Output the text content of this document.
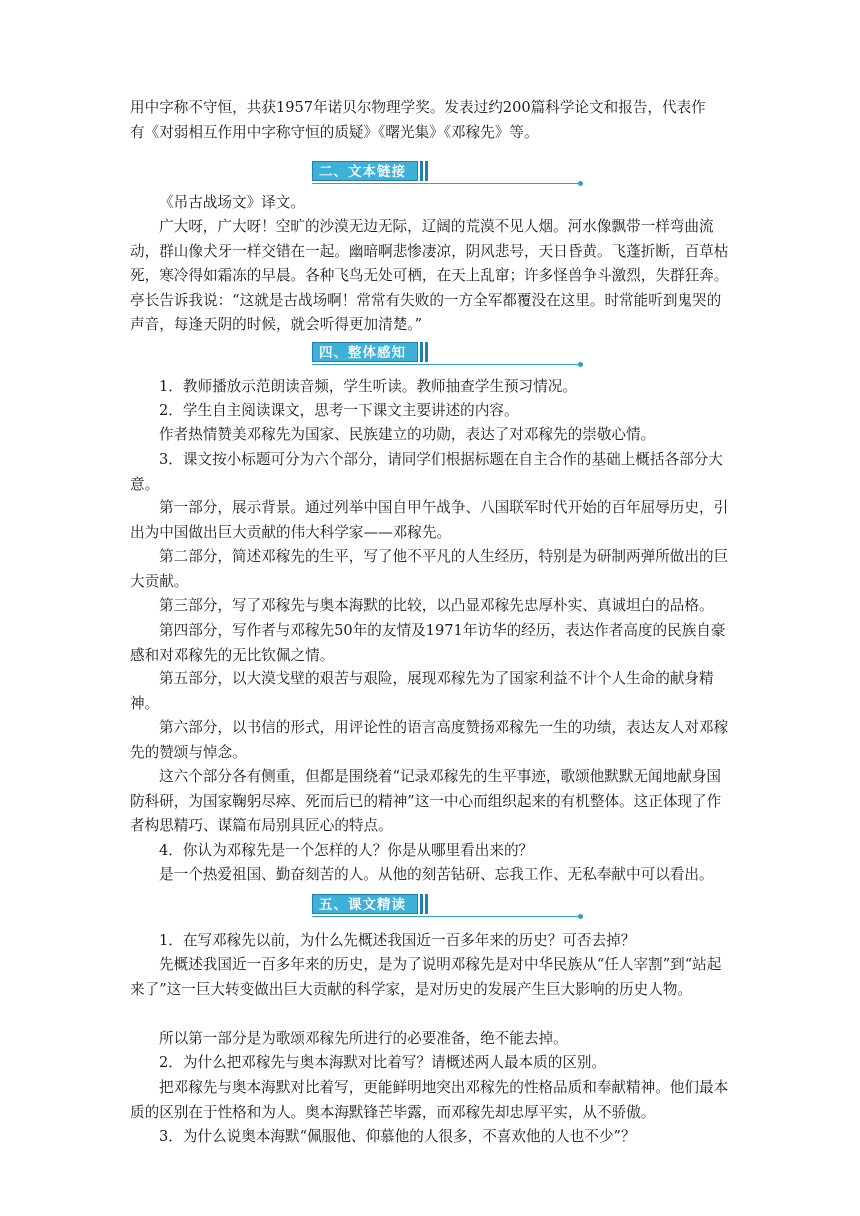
用中字称不守恒，共获1957年诺贝尔物理学奖。发表过约200篇科学论文和报告，代表作

有《对弱相互作用中字称守恒的质疑》《曙光集》《邓稼先》等。

二、文本链接

《吊古战场文》译文。

广大呀，广大呀！空旷的沙漠无边无际，辽阔的荒漠不见人烟。河水像飘带一样弯曲流动，群山像犬牙一样交错在一起。幽暗啊悲惨凄凉，阴风悲号，天日昏黄。飞蓬折断，百草枯死，寒冷得如霜冻的早晨。各种飞鸟无处可栖，在天上乱窜；许多怪兽争斗激烈，失群狂奔。亭长告诉我说：“这就是古战场啊！常常有失败的一方全军都覆没在这里。时常能听到鬼哭的声音，每逢天阴的时候，就会听得更加清楚。”

四、整体感知

1．教师播放示范朗读音频，学生听读。教师抽查学生预习情况。

2．学生自主阅读课文，思考一下课文主要讲述的内容。

作者热情赞美邓稼先为国家、民族建立的功勋，表达了对邓稼先的崇敬心情。

3．课文按小标题可分为六个部分，请同学们根据标题在自主合作的基础上概括各部分大意。

第一部分，展示背景。通过列举中国自甲午战争、八国联军时代开始的百年屈辱历史，引出为中国做出巨大贡献的伟大科学家——邓稼先。

第二部分，简述邓稼先的生平，写了他不平凡的人生经历，特别是为研制两弹所做出的巨大贡献。

第三部分，写了邓稼先与奥本海默的比较，以凸显邓稼先忠厚朴实、真诚坦白的品格。

第四部分，写作者与邓稼先50年的友情及1971年访华的经历，表达作者高度的民族自豪感和对邓稼先的无比钦佩之情。

第五部分，以大漠戈壁的艰苦与艰险，展现邓稼先为了国家利益不计个人生命的献身精神。

第六部分，以书信的形式，用评论性的语言高度赞扬邓稼先一生的功绩，表达友人对邓稼先的赞颂与悼念。

这六个部分各有侧重，但都是围绕着“记录邓稼先的生平事迹，歌颂他默默无闻地献身国防科研，为国家鞠躬尽瘁、死而后已的精神”这一中心而组织起来的有机整体。这正体现了作者构思精巧、谋篇布局别具匠心的特点。

4．你认为邓稼先是一个怎样的人？你是从哪里看出来的？

是一个热爱祖国、勤奋刻苦的人。从他的刻苦钻研、忘我工作、无私奉献中可以看出。

五、课文精读

1．在写邓稼先以前，为什么先概述我国近一百多年来的历史？可否去掉？

先概述我国近一百多年来的历史，是为了说明邓稼先是对中华民族从“任人宰割”到“站起来了”这一巨大转变做出巨大贡献的科学家，是对历史的发展产生巨大影响的历史人物。

所以第一部分是为歌颂邓稼先所进行的必要准备，绝不能去掉。

2．为什么把邓稼先与奥本海默对比着写？请概述两人最本质的区别。

把邓稼先与奥本海默对比着写，更能鲜明地突出邓稼先的性格品质和奉献精神。他们最本质的区别在于性格和为人。奥本海默锋芒毕露，而邓稼先却忠厚平实，从不骄傲。

3．为什么说奥本海默“佩服他、仰慕他的人很多，不喜欢他的人也不少”？
